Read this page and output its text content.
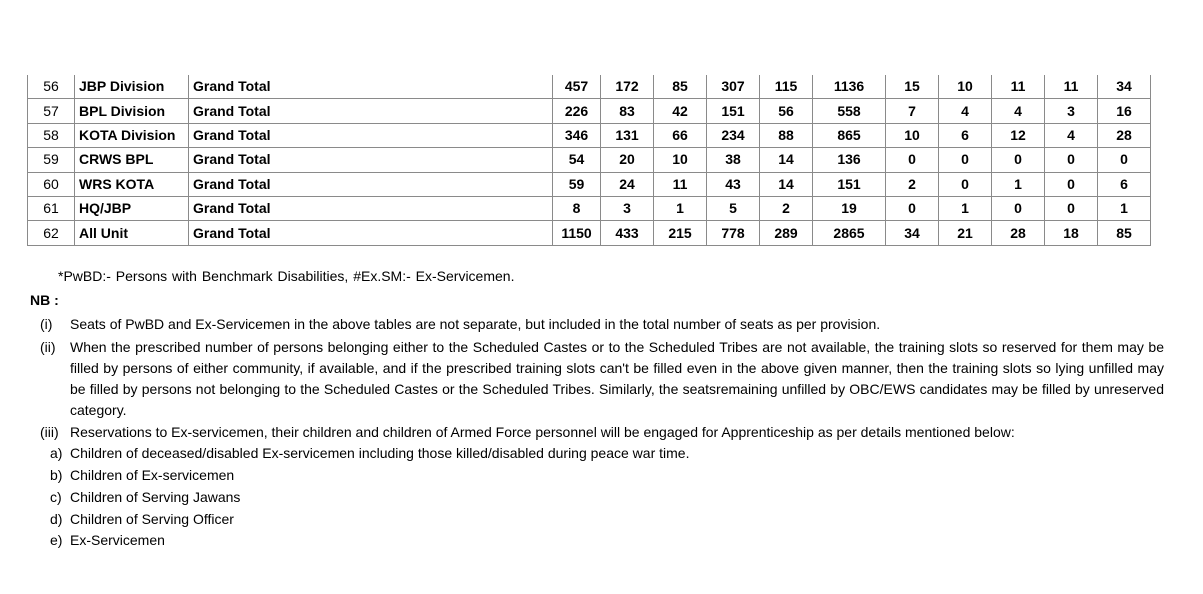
56	JBP Division	Grand Total	457	172	85	307	115	1136	15	10	11	11	34
57	BPL Division	Grand Total	226	83	42	151	56	558	7	4	4	3	16
58	KOTA Division	Grand Total	346	131	66	234	88	865	10	6	12	4	28
59	CRWS BPL	Grand Total	54	20	10	38	14	136	0	0	0	0	0
60	WRS KOTA	Grand Total	59	24	11	43	14	151	2	0	1	0	6
61	HQ/JBP	Grand Total	8	3	1	5	2	19	0	1	0	0	1
62	All Unit	Grand Total	1150	433	215	778	289	2865	34	21	28	18	85
*PwBD:- Persons with Benchmark Disabilities, #Ex.SM:- Ex-Servicemen.
NB :
(i) Seats of PwBD and Ex-Servicemen in the above tables are not separate, but included in the total number of seats as per provision.
(ii) When the prescribed number of persons belonging either to the Scheduled Castes or to the Scheduled Tribes are not available, the training slots so reserved for them may be filled by persons of either community, if available, and if the prescribed training slots can't be filled even in the above given manner, then the training slots so lying unfilled may be filled by persons not belonging to the Scheduled Castes or the Scheduled Tribes. Similarly, the seatsremaining unfilled by OBC/EWS candidates may be filled by unreserved category.
(iii) Reservations to Ex-servicemen, their children and children of Armed Force personnel will be engaged for Apprenticeship as per details mentioned below:
a) Children of deceased/disabled Ex-servicemen including those killed/disabled during peace war time.
b) Children of Ex-servicemen
c) Children of Serving Jawans
d) Children of Serving Officer
e) Ex-Servicemen
